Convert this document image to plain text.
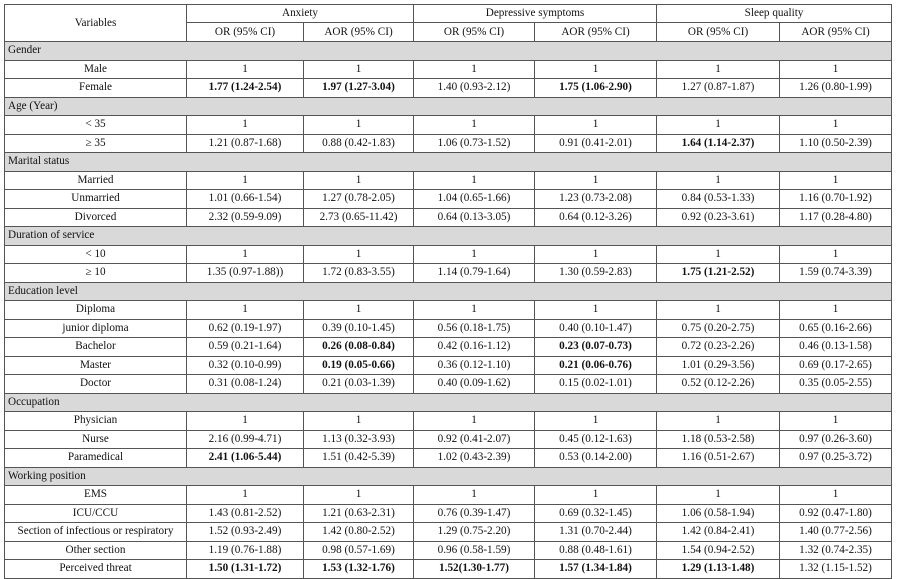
Variables	Anxiety		Depressive symptoms		Sleep quality	
	OR (95% CI)	AOR (95% CI)	OR (95% CI)	AOR (95% CI)	OR (95% CI)	AOR (95% CI)
Gender						
Male	1	1	1	1	1	1
Female	1.77 (1.24-2.54)	1.97 (1.27-3.04)	1.40 (0.93-2.12)	1.75 (1.06-2.90)	1.27 (0.87-1.87)	1.26 (0.80-1.99)
Age (Year)						
< 35	1	1	1	1	1	1
≥ 35	1.21 (0.87-1.68)	0.88 (0.42-1.83)	1.06 (0.73-1.52)	0.91 (0.41-2.01)	1.64 (1.14-2.37)	1.10 (0.50-2.39)
Marital status						
Married	1	1	1	1	1	1
Unmarried	1.01 (0.66-1.54)	1.27 (0.78-2.05)	1.04 (0.65-1.66)	1.23 (0.73-2.08)	0.84 (0.53-1.33)	1.16 (0.70-1.92)
Divorced	2.32 (0.59-9.09)	2.73 (0.65-11.42)	0.64 (0.13-3.05)	0.64 (0.12-3.26)	0.92 (0.23-3.61)	1.17 (0.28-4.80)
Duration of service						
< 10	1	1	1	1	1	1
≥ 10	1.35 (0.97-1.88))	1.72 (0.83-3.55)	1.14 (0.79-1.64)	1.30 (0.59-2.83)	1.75 (1.21-2.52)	1.59 (0.74-3.39)
Education level						
Diploma	1	1	1	1	1	1
junior diploma	0.62 (0.19-1.97)	0.39 (0.10-1.45)	0.56 (0.18-1.75)	0.40 (0.10-1.47)	0.75 (0.20-2.75)	0.65 (0.16-2.66)
Bachelor	0.59 (0.21-1.64)	0.26 (0.08-0.84)	0.42 (0.16-1.12)	0.23 (0.07-0.73)	0.72 (0.23-2.26)	0.46 (0.13-1.58)
Master	0.32 (0.10-0.99)	0.19 (0.05-0.66)	0.36 (0.12-1.10)	0.21 (0.06-0.76)	1.01 (0.29-3.56)	0.69 (0.17-2.65)
Doctor	0.31 (0.08-1.24)	0.21 (0.03-1.39)	0.40 (0.09-1.62)	0.15 (0.02-1.01)	0.52 (0.12-2.26)	0.35 (0.05-2.55)
Occupation						
Physician	1	1	1	1	1	1
Nurse	2.16 (0.99-4.71)	1.13 (0.32-3.93)	0.92 (0.41-2.07)	0.45 (0.12-1.63)	1.18 (0.53-2.58)	0.97 (0.26-3.60)
Paramedical	2.41 (1.06-5.44)	1.51 (0.42-5.39)	1.02 (0.43-2.39)	0.53 (0.14-2.00)	1.16 (0.51-2.67)	0.97 (0.25-3.72)
Working position						
EMS	1	1	1	1	1	1
ICU/CCU	1.43 (0.81-2.52)	1.21 (0.63-2.31)	0.76 (0.39-1.47)	0.69 (0.32-1.45)	1.06 (0.58-1.94)	0.92 (0.47-1.80)
Section of infectious or respiratory	1.52 (0.93-2.49)	1.42 (0.80-2.52)	1.29 (0.75-2.20)	1.31 (0.70-2.44)	1.42 (0.84-2.41)	1.40 (0.77-2.56)
Other section	1.19 (0.76-1.88)	0.98 (0.57-1.69)	0.96 (0.58-1.59)	0.88 (0.48-1.61)	1.54 (0.94-2.52)	1.32 (0.74-2.35)
Perceived threat	1.50 (1.31-1.72)	1.53 (1.32-1.76)	1.52(1.30-1.77)	1.57 (1.34-1.84)	1.29 (1.13-1.48)	1.32 (1.15-1.52)
